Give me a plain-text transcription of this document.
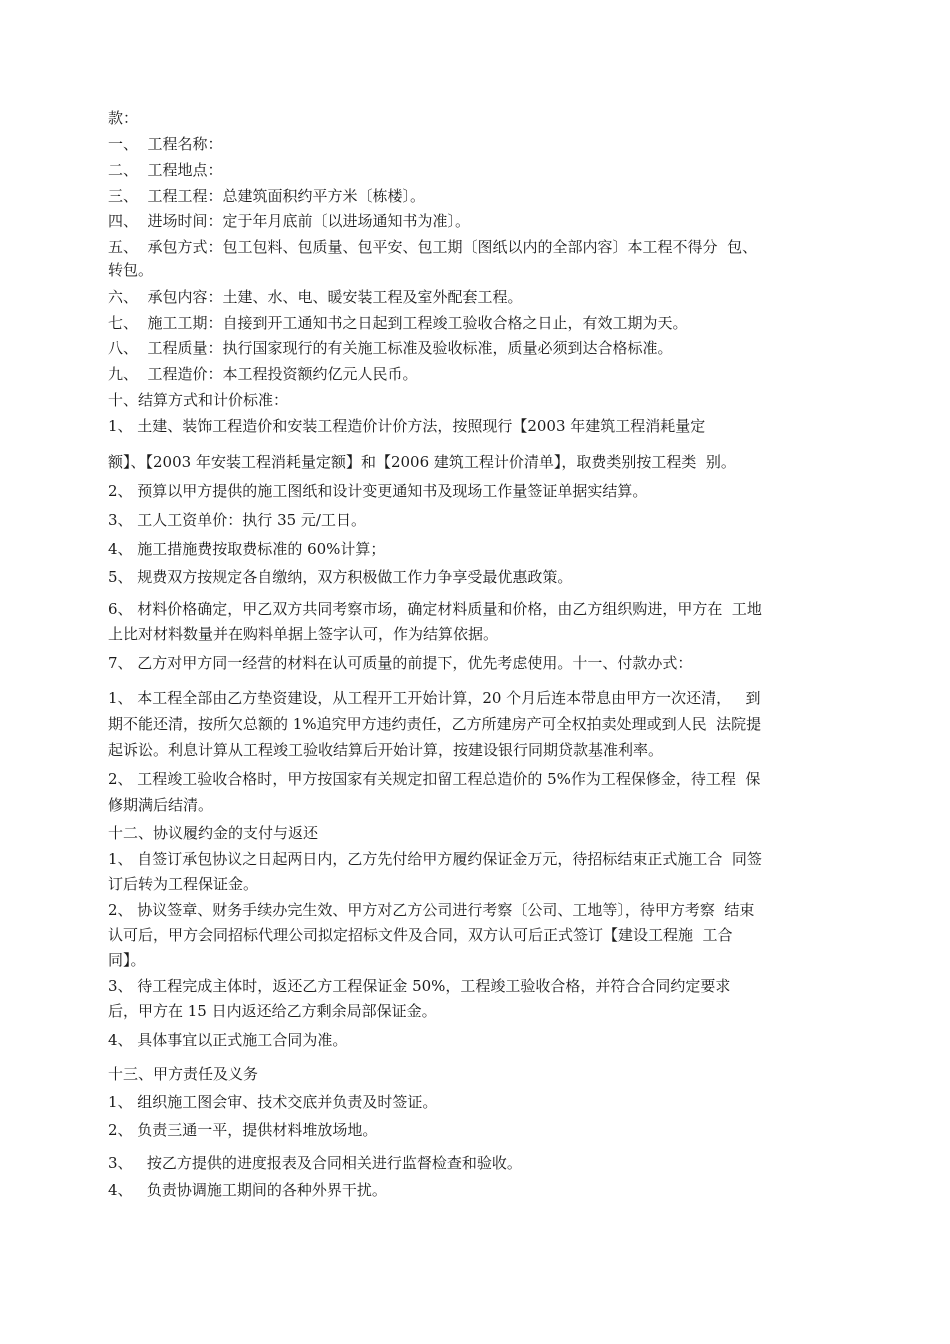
款：

一、  工程名称：

二、  工程地点：

三、  工程工程：总建筑面积约平方米〔栋楼〕。

四、  进场时间：定于年月底前〔以进场通知书为准〕。

五、  承包方式：包工包料、包质量、包平安、包工期〔图纸以内的全部内容〕本工程不得分  包、

转包。

六、  承包内容：土建、水、电、暖安装工程及室外配套工程。

七、  施工工期：自接到开工通知书之日起到工程竣工验收合格之日止，有效工期为天。

八、  工程质量：执行国家现行的有关施工标准及验收标准，质量必须到达合格标准。

九、  工程造价：本工程投资额约亿元人民币。

十、结算方式和计价标准：

1、 土建、装饰工程造价和安装工程造价计价方法，按照现行【2003 年建筑工程消耗量定

额】、【2003 年安装工程消耗量定额】和【2006 建筑工程计价清单】，取费类别按工程类  别。

2、 预算以甲方提供的施工图纸和设计变更通知书及现场工作量签证单据实结算。

3、 工人工资单价：执行 35 元/工日。

4、 施工措施费按取费标准的 60%计算；

5、 规费双方按规定各自缴纳，双方积极做工作力争享受最优惠政策。

6、 材料价格确定，甲乙双方共同考察市场，确定材料质量和价格，由乙方组织购进，甲方在  工地

上比对材料数量并在购料单据上签字认可，作为结算依据。

7、 乙方对甲方同一经营的材料在认可质量的前提下，优先考虑使用。十一、付款办式：

1、 本工程全部由乙方垫资建设，从工程开工开始计算，20 个月后连本带息由甲方一次还清，   到

期不能还清，按所欠总额的 1%追究甲方违约责任，乙方所建房产可全权拍卖处理或到人民  法院提

起诉讼。利息计算从工程竣工验收结算后开始计算，按建设银行同期贷款基准利率。

2、 工程竣工验收合格时，甲方按国家有关规定扣留工程总造价的 5%作为工程保修金，待工程  保

修期满后结清。

十二、协议履约金的支付与返还

1、 自签订承包协议之日起两日内，乙方先付给甲方履约保证金万元，待招标结束正式施工合  同签

订后转为工程保证金。

2、 协议签章、财务手续办完生效、甲方对乙方公司进行考察〔公司、工地等〕，待甲方考察  结束

认可后，甲方会同招标代理公司拟定招标文件及合同，双方认可后正式签订【建设工程施  工合

同】。

3、 待工程完成主体时，返还乙方工程保证金 50%，工程竣工验收合格，并符合合同约定要求

后，甲方在 15 日内返还给乙方剩余局部保证金。

4、 具体事宜以正式施工合同为准。

十三、甲方责任及义务

1、 组织施工图会审、技术交底并负责及时签证。

2、 负责三通一平，提供材料堆放场地。

3、   按乙方提供的进度报表及合同相关进行监督检查和验收。

4、   负责协调施工期间的各种外界干扰。
